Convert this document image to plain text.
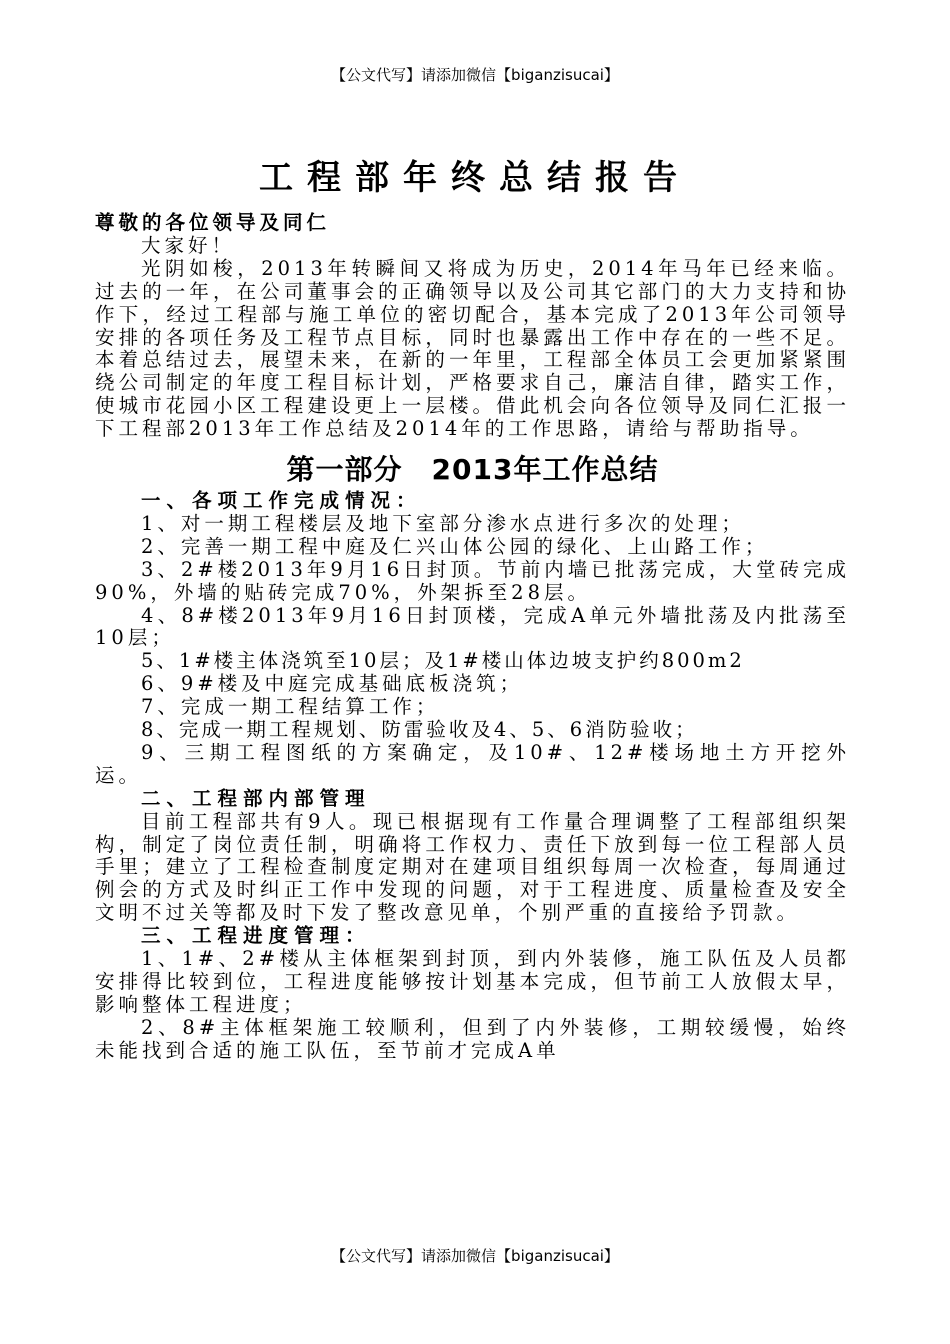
【公文代写】请添加微信【biganzisucai】
工程部年终总结报告

尊敬的各位领导及同仁

大家好！

光阴如梭，2013年转瞬间又将成为历史，2014年马年已经来临。过去的一年，在公司董事会的正确领导以及公司其它部门的大力支持和协作下，经过工程部与施工单位的密切配合，基本完成了2013年公司领导安排的各项任务及工程节点目标，同时也暴露出工作中存在的一些不足。本着总结过去，展望未来，在新的一年里，工程部全体员工会更加紧紧围绕公司制定的年度工程目标计划，严格要求自己，廉洁自律，踏实工作，使城市花园小区工程建设更上一层楼。借此机会向各位领导及同仁汇报一下工程部2013年工作总结及2014年的工作思路，请给与帮助指导。

第一部分　2013年工作总结

一、各项工作完成情况：

1、对一期工程楼层及地下室部分渗水点进行多次的处理；

2、完善一期工程中庭及仁兴山体公园的绿化、上山路工作；

3、2#楼2013年9月16日封顶。节前内墙已批荡完成，大堂砖完成90%，外墙的贴砖完成70%，外架拆至28层。

4、8#楼2013年9月16日封顶楼，完成A单元外墙批荡及内批荡至10层；

5、1#楼主体浇筑至10层；及1#楼山体边坡支护约800m2

6、9#楼及中庭完成基础底板浇筑；

7、完成一期工程结算工作；

8、完成一期工程规划、防雷验收及4、5、6消防验收；

9、三期工程图纸的方案确定，及10#、12#楼场地土方开挖外运。

二、工程部内部管理

目前工程部共有9人。现已根据现有工作量合理调整了工程部组织架构，制定了岗位责任制，明确将工作权力、责任下放到每一位工程部人员手里；建立了工程检查制度定期对在建项目组织每周一次检查，每周通过例会的方式及时纠正工作中发现的问题，对于工程进度、质量检查及安全文明不过关等都及时下发了整改意见单，个别严重的直接给予罚款。

三、工程进度管理：

1、1#、2#楼从主体框架到封顶，到内外装修，施工队伍及人员都安排得比较到位，工程进度能够按计划基本完成，但节前工人放假太早，影响整体工程进度；

2、8#主体框架施工较顺利，但到了内外装修，工期较缓慢，始终未能找到合适的施工队伍，至节前才完成A单

【公文代写】请添加微信【biganzisucai】
